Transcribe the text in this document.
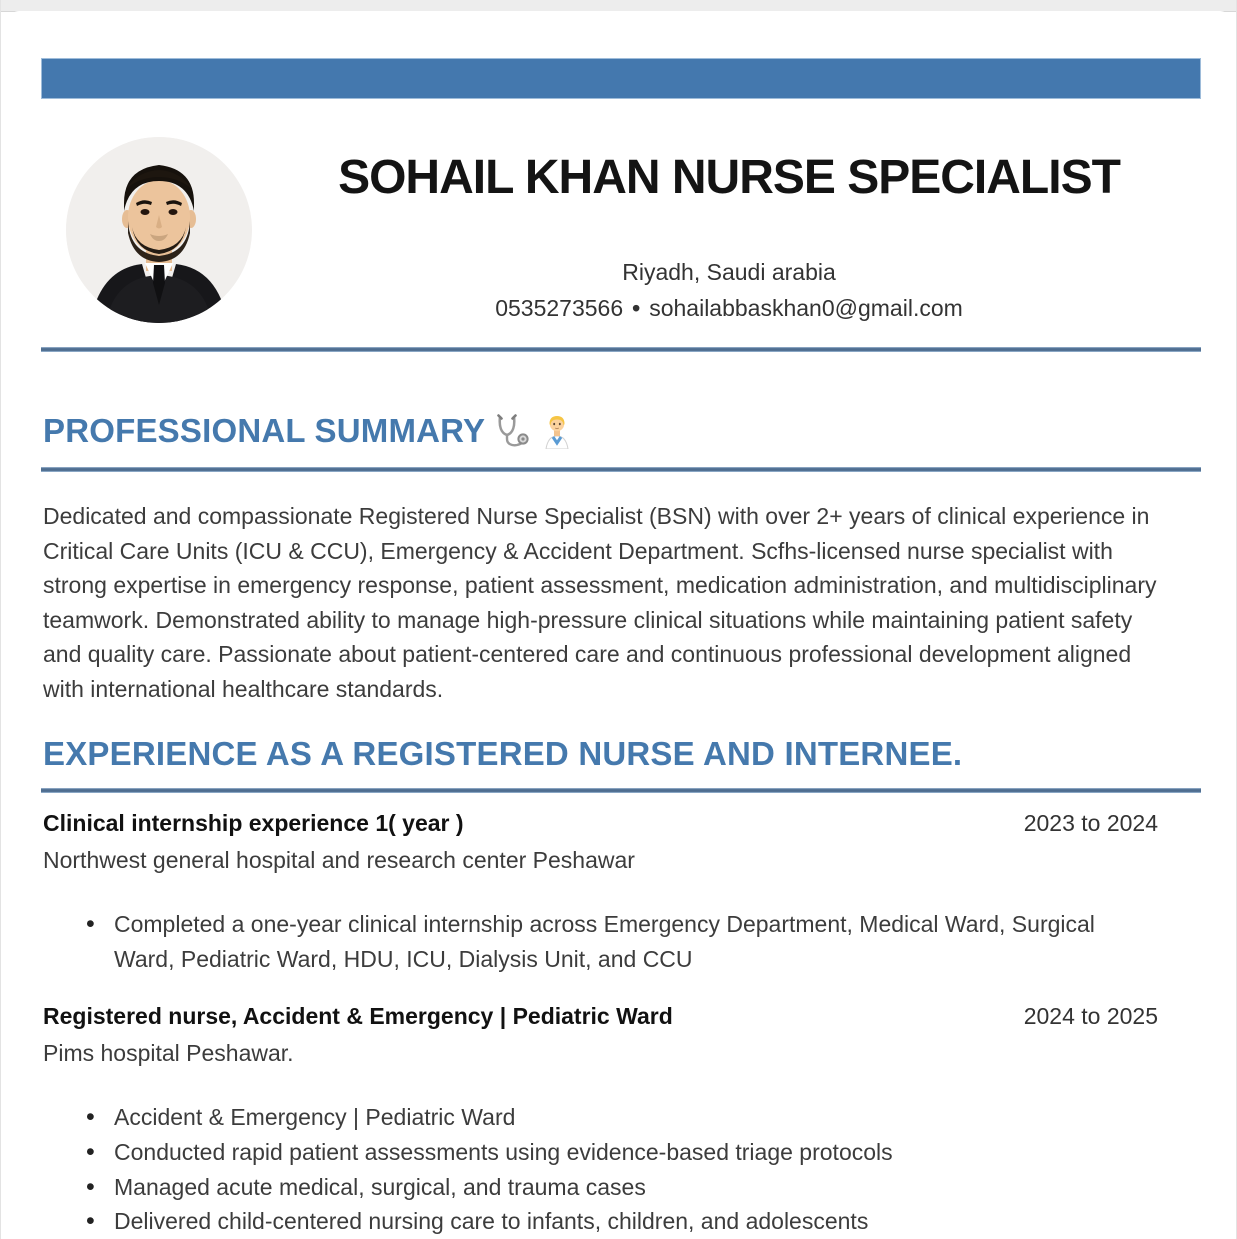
SOHAIL KHAN NURSE SPECIALIST
Riyadh, Saudi arabia
0535273566 • sohailabbaskhan0@gmail.com
PROFESSIONAL SUMMARY

Dedicated and compassionate Registered Nurse Specialist (BSN) with over 2+ years of clinical experience in Critical Care Units (ICU & CCU), Emergency & Accident Department. Scfhs-licensed nurse specialist with strong expertise in emergency response, patient assessment, medication administration, and multidisciplinary teamwork. Demonstrated ability to manage high-pressure clinical situations while maintaining patient safety and quality care. Passionate about patient-centered care and continuous professional development aligned with international healthcare standards.

EXPERIENCE AS A REGISTERED NURSE AND INTERNEE.
Clinical internship experience 1( year )	2023 to 2024
Northwest general hospital and research center Peshawar
• Completed a one-year clinical internship across Emergency Department, Medical Ward, Surgical Ward, Pediatric Ward, HDU, ICU, Dialysis Unit, and CCU
Registered nurse, Accident & Emergency | Pediatric Ward	2024 to 2025
Pims hospital Peshawar.
• Accident & Emergency | Pediatric Ward
• Conducted rapid patient assessments using evidence-based triage protocols
• Managed acute medical, surgical, and trauma cases
• Delivered child-centered nursing care to infants, children, and adolescents
